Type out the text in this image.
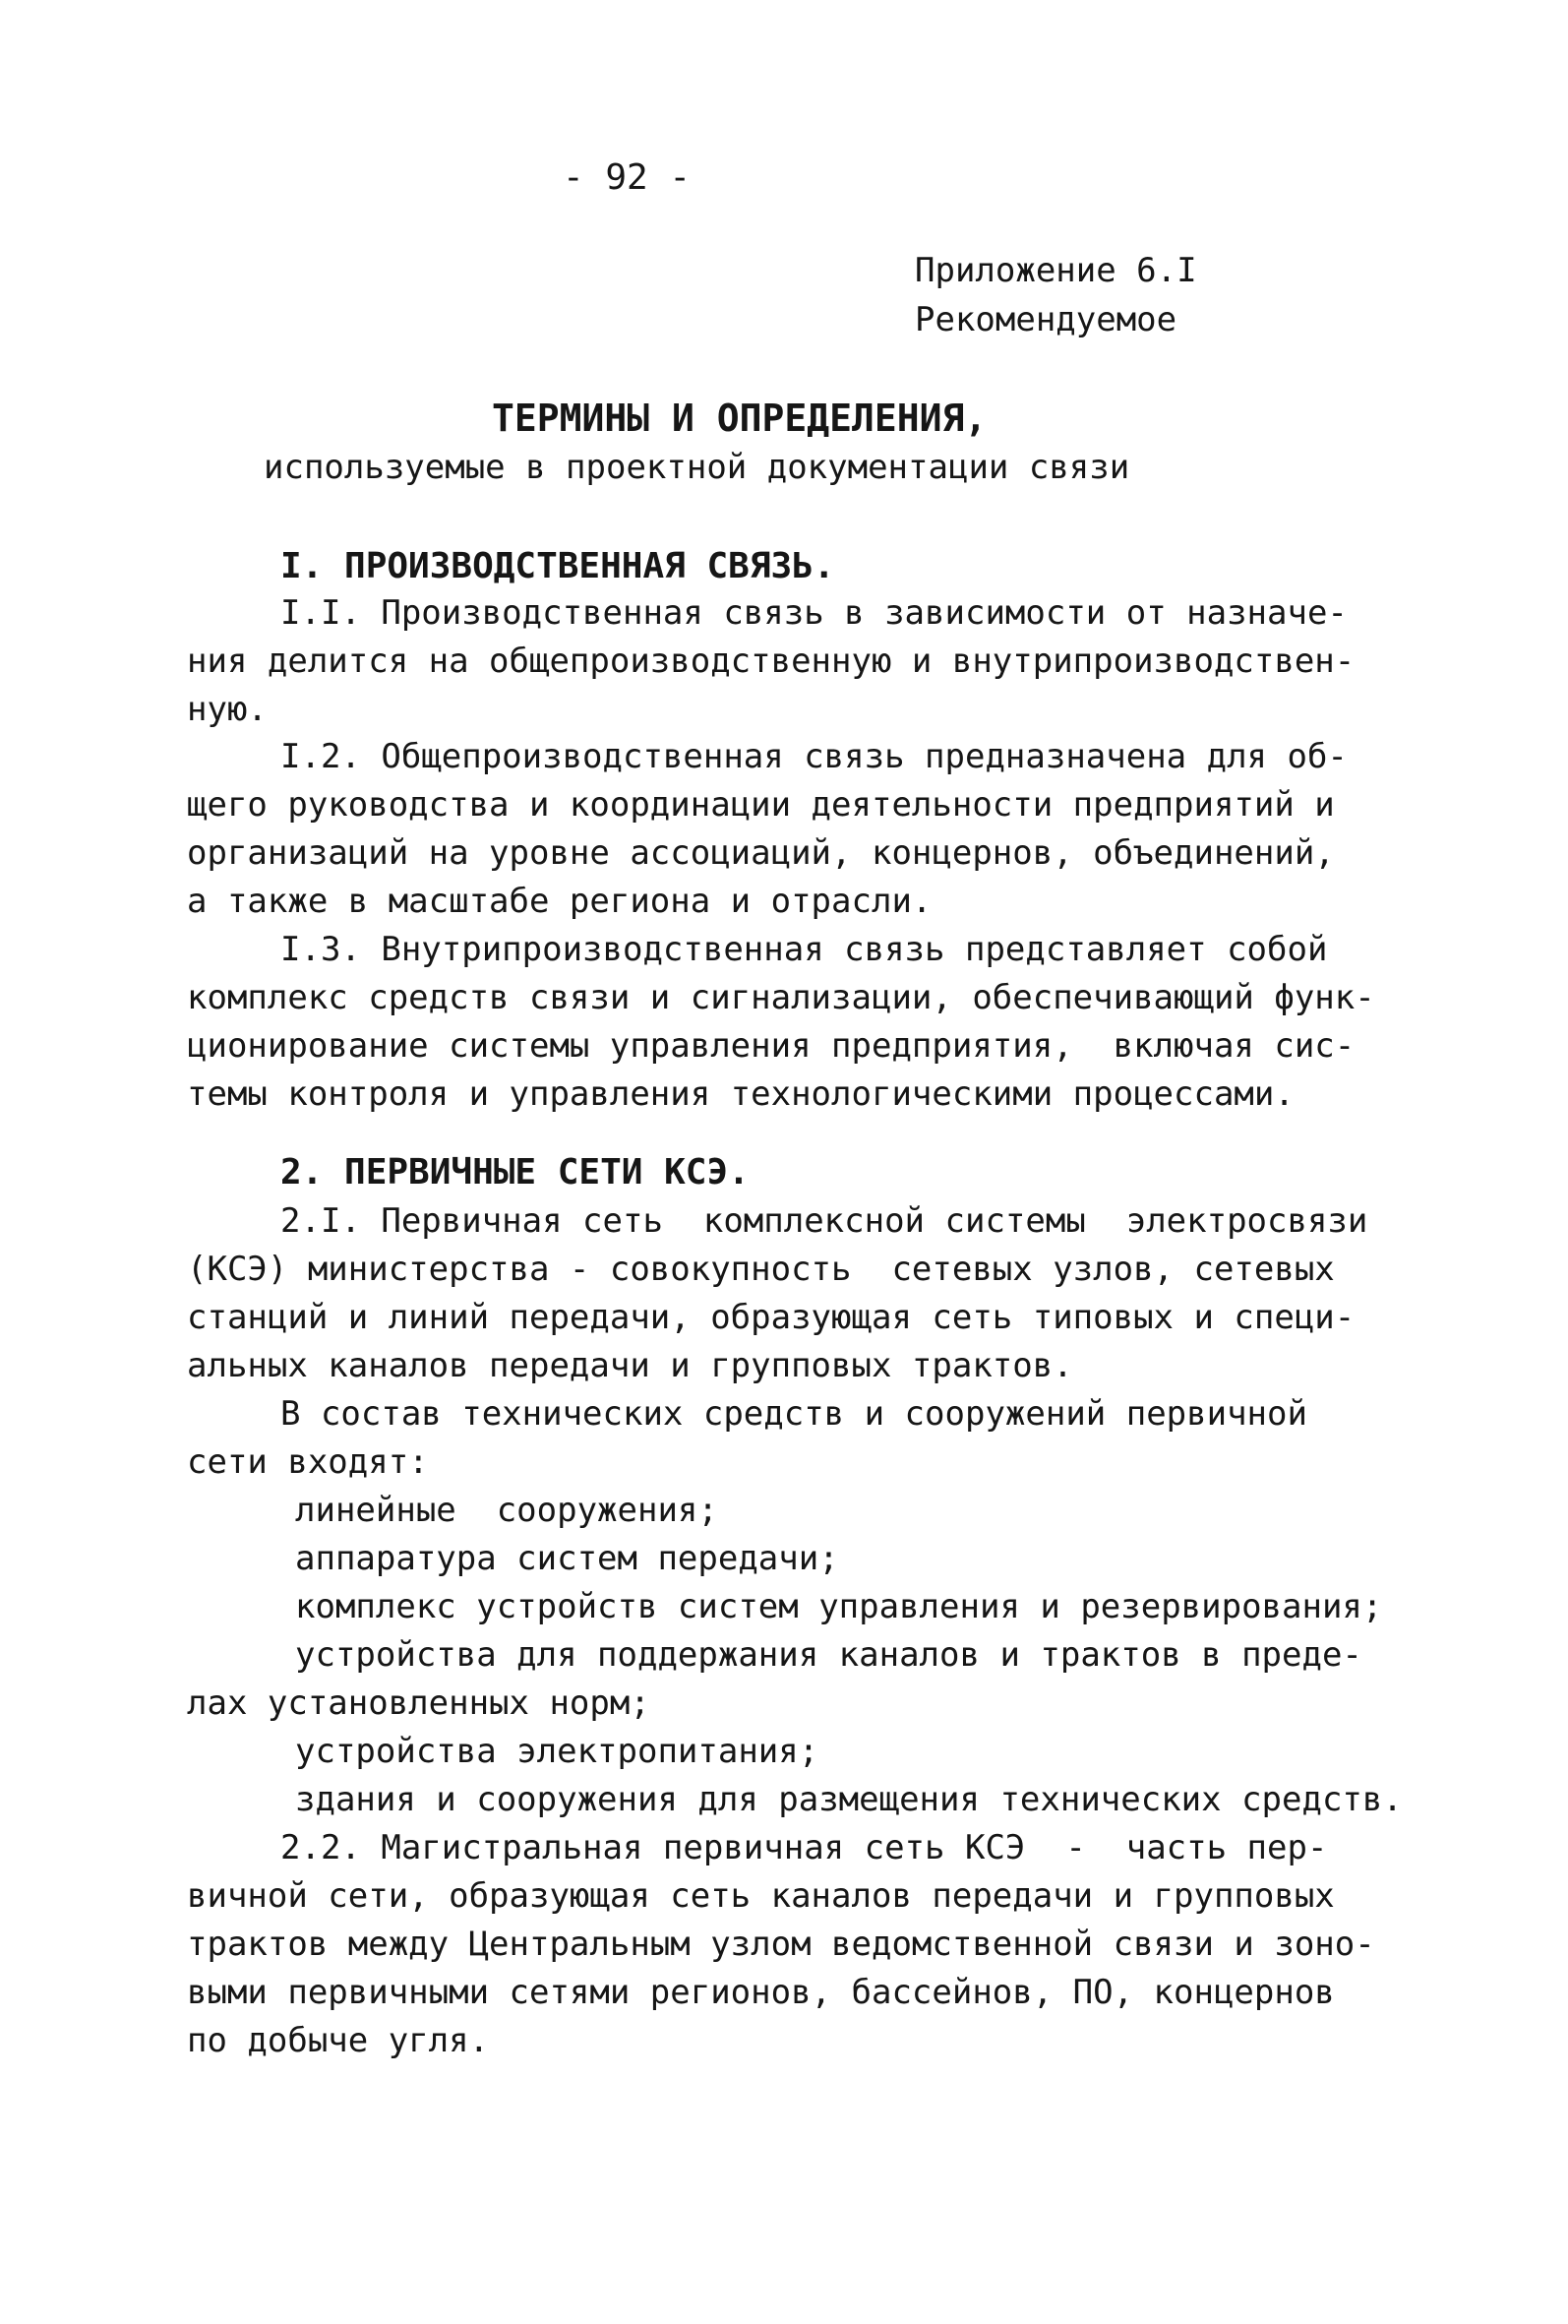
- 92 -
Приложение 6.I
Рекомендуемое
ТЕРМИНЫ И ОПРЕДЕЛЕНИЯ,
используемые в проектной документации связи
I. ПРОИЗВОДСТВЕННАЯ СВЯЗЬ.
I.I. Производственная связь в зависимости от назначе-
ния делится на общепроизводственную и внутрипроизводствен-
ную.
I.2. Общепроизводственная связь предназначена для об-
щего руководства и координации деятельности предприятий и
организаций на уровне ассоциаций, концернов, объединений,
а также в масштабе региона и отрасли.
I.3. Внутрипроизводственная связь представляет собой
комплекс средств связи и сигнализации, обеспечивающий функ-
ционирование системы управления предприятия,  включая сис-
темы контроля и управления технологическими процессами.
2. ПЕРВИЧНЫЕ СЕТИ КСЭ.
2.I. Первичная сеть  комплексной системы  электросвязи
(КСЭ) министерства - совокупность  сетевых узлов, сетевых
станций и линий передачи, образующая сеть типовых и специ-
альных каналов передачи и групповых трактов.
В состав технических средств и сооружений первичной
сети входят:
линейные  сооружения;
аппаратура систем передачи;
комплекс устройств систем управления и резервирования;
устройства для поддержания каналов и трактов в преде-
лах установленных норм;
устройства электропитания;
здания и сооружения для размещения технических средств.
2.2. Магистральная первичная сеть КСЭ  -  часть пер-
вичной сети, образующая сеть каналов передачи и групповых
трактов между Центральным узлом ведомственной связи и зоно-
выми первичными сетями регионов, бассейнов, ПО, концернов
по добыче угля.
